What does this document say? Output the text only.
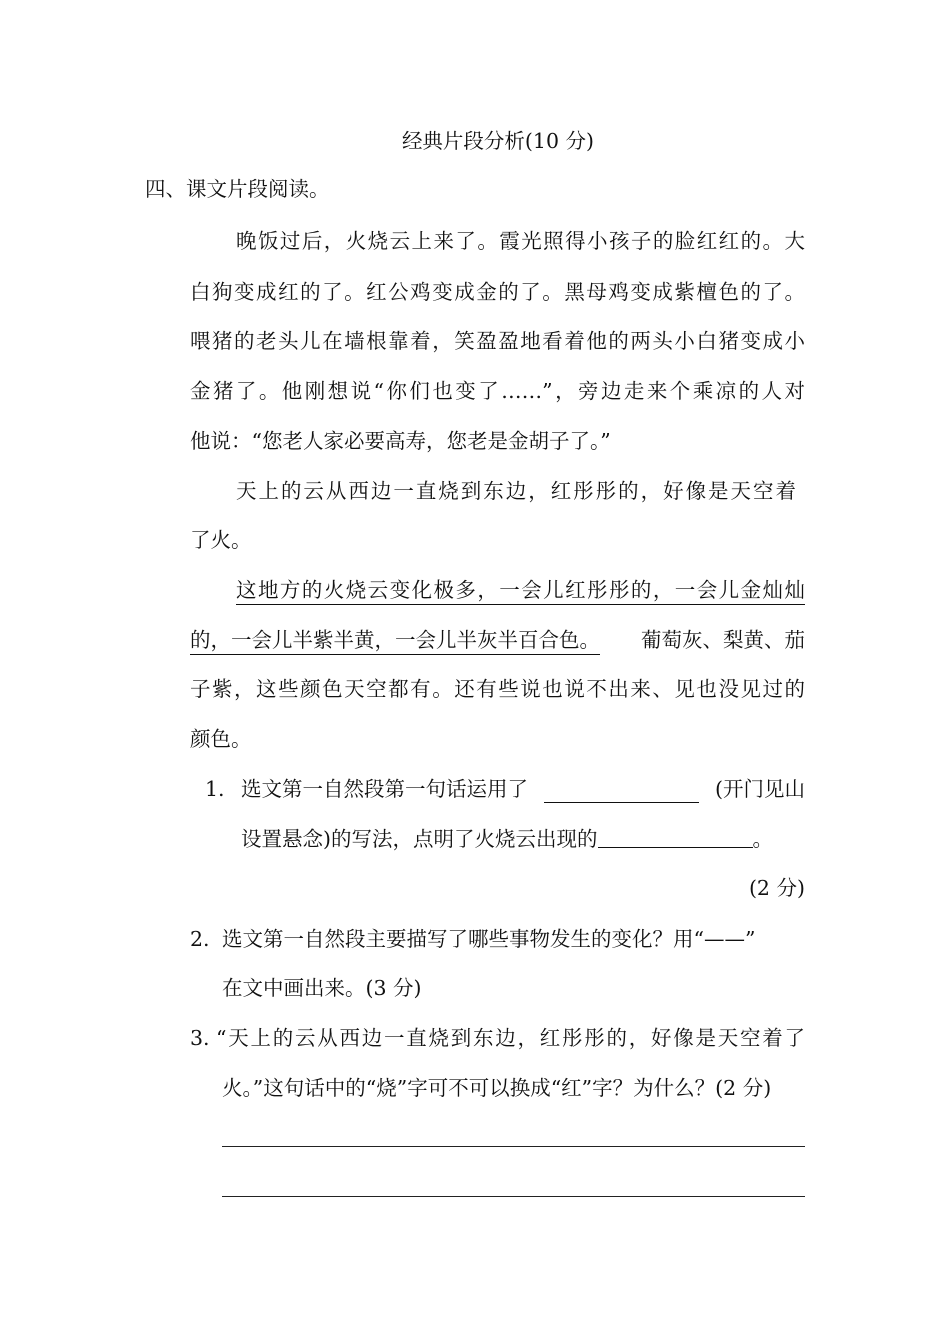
经典片段分析(10 分)
四、课文片段阅读。
晚饭过后，火烧云上来了。霞光照得小孩子的脸红红的。大
白狗变成红的了。红公鸡变成金的了。黑母鸡变成紫檀色的了。
喂猪的老头儿在墙根靠着，笑盈盈地看着他的两头小白猪变成小
金猪了。他刚想说“你们也变了……”，旁边走来个乘凉的人对
他说：“您老人家必要高寿，您老是金胡子了。”
天上的云从西边一直烧到东边，红彤彤的，好像是天空着
了火。
这地方的火烧云变化极多，一会儿红彤彤的，一会儿金灿灿
的，一会儿半紫半黄，一会儿半灰半百合色。 葡萄灰、梨黄、茄
子紫，这些颜色天空都有。还有些说也说不出来、见也没见过的
颜色。
1. 选文第一自然段第一句话运用了	(开门见山
设置悬念)的写法，点明了火烧云出现的	。
(2 分)
2. 选文第一自然段主要描写了哪些事物发生的变化？用“——”
在文中画出来。(3 分)
3. “天上的云从西边一直烧到东边，红彤彤的，好像是天空着了
火。”这句话中的“烧”字可不可以换成“红”字？为什么？(2 分)
